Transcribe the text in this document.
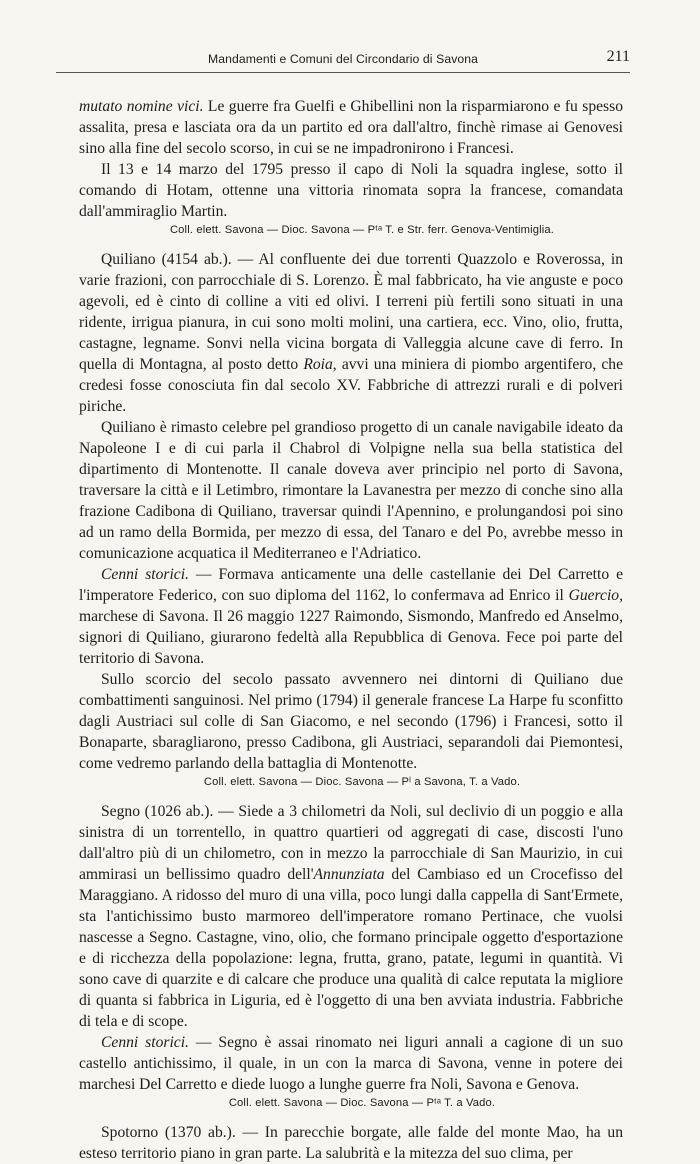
Mandamenti e Comuni del Circondario di Savona	211

mutato nomine vici. Le guerre fra Guelfi e Ghibellini non la risparmiarono e fu spesso assalita, presa e lasciata ora da un partito ed ora dall'altro, finchè rimase ai Genovesi sino alla fine del secolo scorso, in cui se ne impadronirono i Francesi.

Il 13 e 14 marzo del 1795 presso il capo di Noli la squadra inglese, sotto il comando di Hotam, ottenne una vittoria rinomata sopra la francese, comandata dall'ammiraglio Martin.

Coll. elett. Savona — Dioc. Savona — Pᵗᵃ T. e Str. ferr. Genova-Ventimiglia.

Quiliano (4154 ab.). — Al confluente dei due torrenti Quazzolo e Roverossa, in varie frazioni, con parrocchiale di S. Lorenzo. È mal fabbricato, ha vie anguste e poco agevoli, ed è cinto di colline a viti ed olivi. I terreni più fertili sono situati in una ridente, irrigua pianura, in cui sono molti molini, una cartiera, ecc. Vino, olio, frutta, castagne, legname. Sonvi nella vicina borgata di Valleggia alcune cave di ferro. In quella di Montagna, al posto detto Roia, avvi una miniera di piombo argentifero, che credesi fosse conosciuta fin dal secolo XV. Fabbriche di attrezzi rurali e di polveri piriche.

Quiliano è rimasto celebre pel grandioso progetto di un canale navigabile ideato da Napoleone I e di cui parla il Chabrol di Volpigne nella sua bella statistica del dipartimento di Montenotte. Il canale doveva aver principio nel porto di Savona, traversare la città e il Letimbro, rimontare la Lavanestra per mezzo di conche sino alla frazione Cadibona di Quiliano, traversar quindi l'Apennino, e prolungandosi poi sino ad un ramo della Bormida, per mezzo di essa, del Tanaro e del Po, avrebbe messo in comunicazione acquatica il Mediterraneo e l'Adriatico.

Cenni storici. — Formava anticamente una delle castellanie dei Del Carretto e l'imperatore Federico, con suo diploma del 1162, lo confermava ad Enrico il Guercio, marchese di Savona. Il 26 maggio 1227 Raimondo, Sismondo, Manfredo ed Anselmo, signori di Quiliano, giurarono fedeltà alla Repubblica di Genova. Fece poi parte del territorio di Savona.

Sullo scorcio del secolo passato avvennero nei dintorni di Quiliano due combattimenti sanguinosi. Nel primo (1794) il generale francese La Harpe fu sconfitto dagli Austriaci sul colle di San Giacomo, e nel secondo (1796) i Francesi, sotto il Bonaparte, sbaragliarono, presso Cadibona, gli Austriaci, separandoli dai Piemontesi, come vedremo parlando della battaglia di Montenotte.

Coll. elett. Savona — Dioc. Savona — Pˡ a Savona, T. a Vado.

Segno (1026 ab.). — Siede a 3 chilometri da Noli, sul declivio di un poggio e alla sinistra di un torrentello, in quattro quartieri od aggregati di case, discosti l'uno dall'altro più di un chilometro, con in mezzo la parrocchiale di San Maurizio, in cui ammirasi un bellissimo quadro dell'Annunziata del Cambiaso ed un Crocefisso del Maraggiano. A ridosso del muro di una villa, poco lungi dalla cappella di Sant'Ermete, sta l'antichissimo busto marmoreo dell'imperatore romano Pertinace, che vuolsi nascesse a Segno. Castagne, vino, olio, che formano principale oggetto d'esportazione e di ricchezza della popolazione: legna, frutta, grano, patate, legumi in quantità. Vi sono cave di quarzite e di calcare che produce una qualità di calce reputata la migliore di quanta si fabbrica in Liguria, ed è l'oggetto di una ben avviata industria. Fabbriche di tela e di scope.

Cenni storici. — Segno è assai rinomato nei liguri annali a cagione di un suo castello antichissimo, il quale, in un con la marca di Savona, venne in potere dei marchesi Del Carretto e diede luogo a lunghe guerre fra Noli, Savona e Genova.

Coll. elett. Savona — Dioc. Savona — Pᵗᵃ T. a Vado.

Spotorno (1370 ab.). — In parecchie borgate, alle falde del monte Mao, ha un esteso territorio piano in gran parte. La salubrità e la mitezza del suo clima, per
